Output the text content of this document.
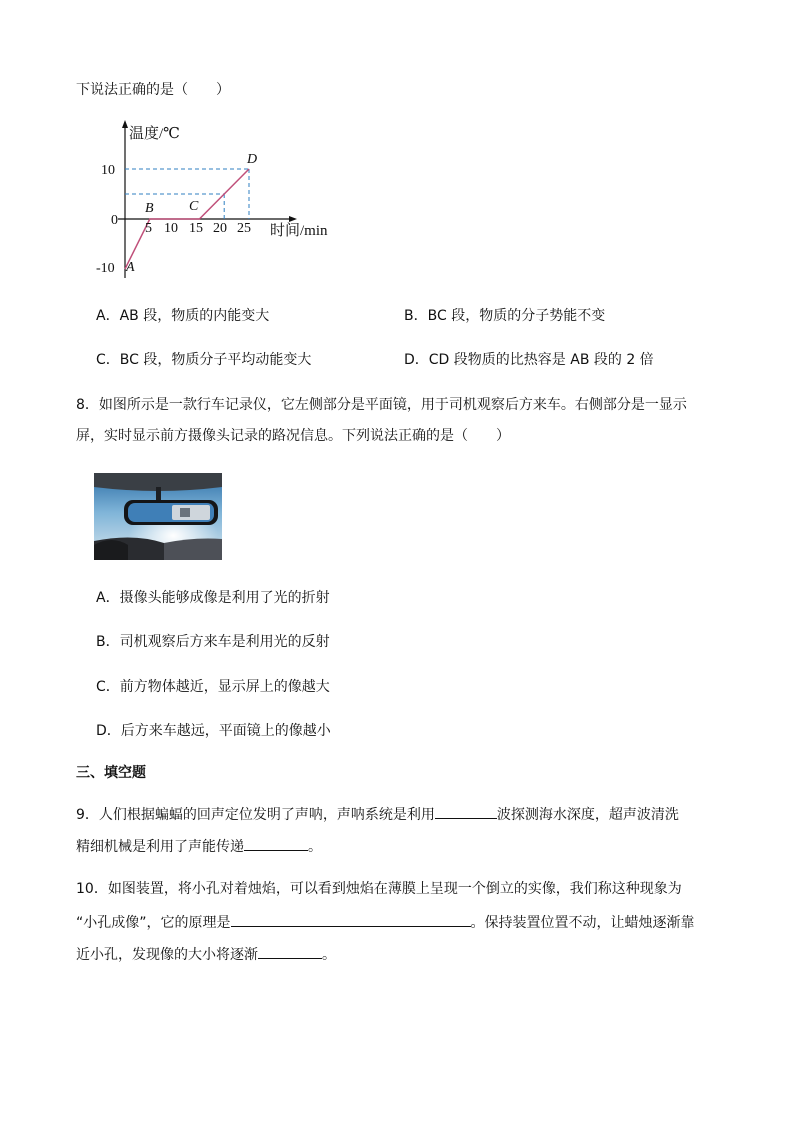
下说法正确的是（　　）
温度/℃
时间/min
10
0
-10
5 10 15 20 25
A
B	C
D
A．AB 段，物质的内能变大	B．BC 段，物质的分子势能不变
C．BC 段，物质分子平均动能变大	D．CD 段物质的比热容是 AB 段的 2 倍
8．如图所示是一款行车记录仪，它左侧部分是平面镜，用于司机观察后方来车。右侧部分是一显示
屏，实时显示前方摄像头记录的路况信息。下列说法正确的是（　　）
A．摄像头能够成像是利用了光的折射
B．司机观察后方来车是利用光的反射
C．前方物体越近，显示屏上的像越大
D．后方来车越远，平面镜上的像越小
三、填空题
9．人们根据蝙蝠的回声定位发明了声呐，声呐系统是利用	波探测海水深度，超声波清洗
精细机械是利用了声能传递	。
10．如图装置，将小孔对着烛焰，可以看到烛焰在薄膜上呈现一个倒立的实像，我们称这种现象为
“小孔成像”，它的原理是	。保持装置位置不动，让蜡烛逐渐靠
近小孔，发现像的大小将逐渐	。
